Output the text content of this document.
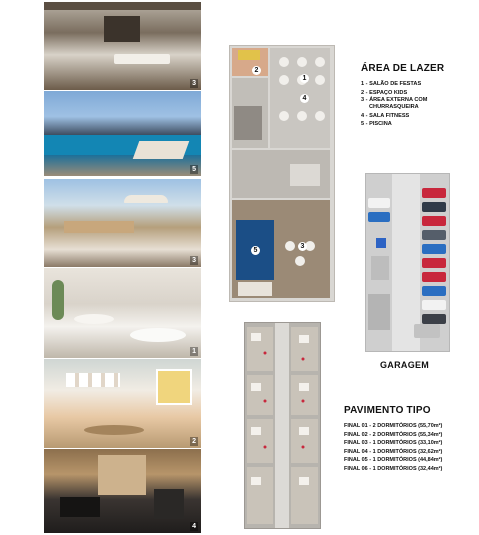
3
5
3
1
2
4
2
1
4
5
3
ÁREA DE LAZER
1 - SALÃO DE FESTAS
2 - ESPAÇO KIDS
3 - ÁREA EXTERNA COM
CHURRASQUEIRA
4 - SALA FITNESS
5 - PISCINA
GARAGEM
PAVIMENTO TIPO
FINAL 01 - 2 DORMITÓRIOS (55,70m²)
FINAL 02 - 2 DORMITÓRIOS (55,34m²)
FINAL 03 - 1 DORMITÓRIOS (33,10m²)
FINAL 04 - 1 DORMITÓRIOS (32,62m²)
FINAL 05 - 1 DORMITÓRIOS (44,84m²)
FINAL 06 - 1 DORMITÓRIOS (32,44m²)
